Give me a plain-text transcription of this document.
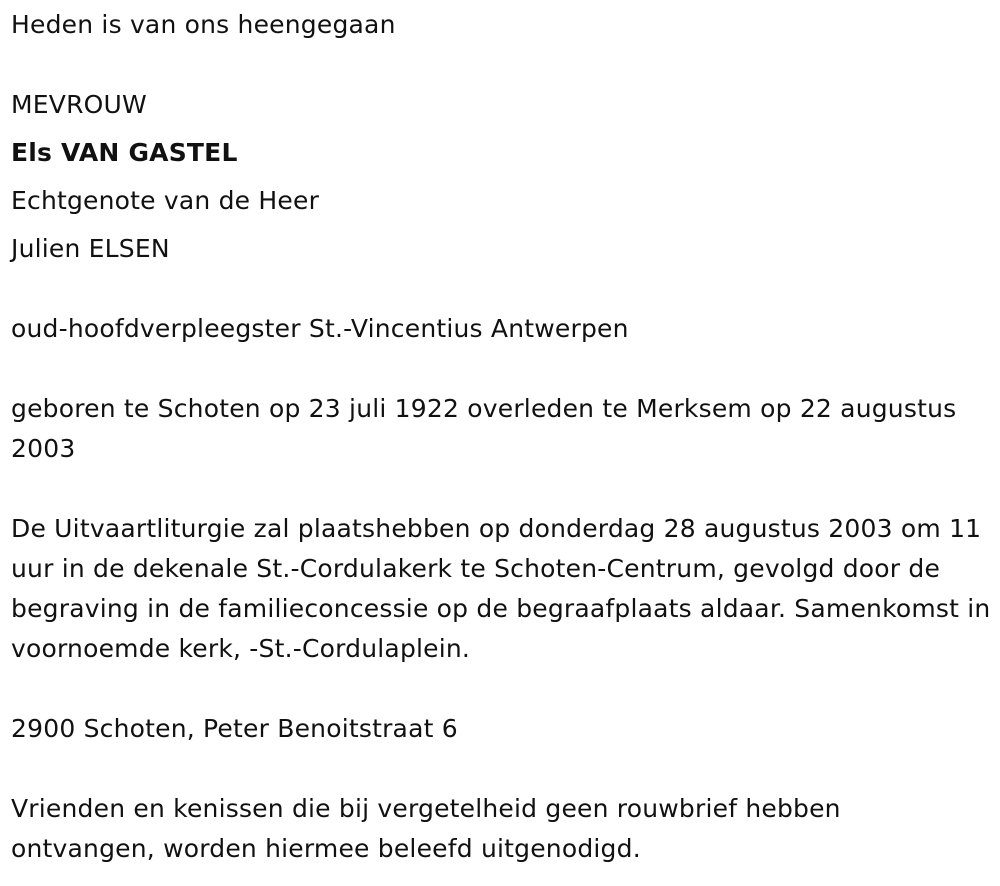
Heden is van ons heengegaan
MEVROUW
Els VAN GASTEL
Echtgenote van de Heer
Julien ELSEN
oud-hoofdverpleegster St.-Vincentius Antwerpen

geboren te Schoten op 23 juli 1922 overleden te Merksem op 22 augustus 2003

De Uitvaartliturgie zal plaatshebben op donderdag 28 augustus 2003 om 11 uur in de dekenale St.-Cordulakerk te Schoten-Centrum, gevolgd door de begraving in de familieconcessie op de begraafplaats aldaar. Samenkomst in voornoemde kerk, -St.-Cordulaplein.

2900 Schoten, Peter Benoitstraat 6

Vrienden en kenissen die bij vergetelheid geen rouwbrief hebben ontvangen, worden hiermee beleefd uitgenodigd.
